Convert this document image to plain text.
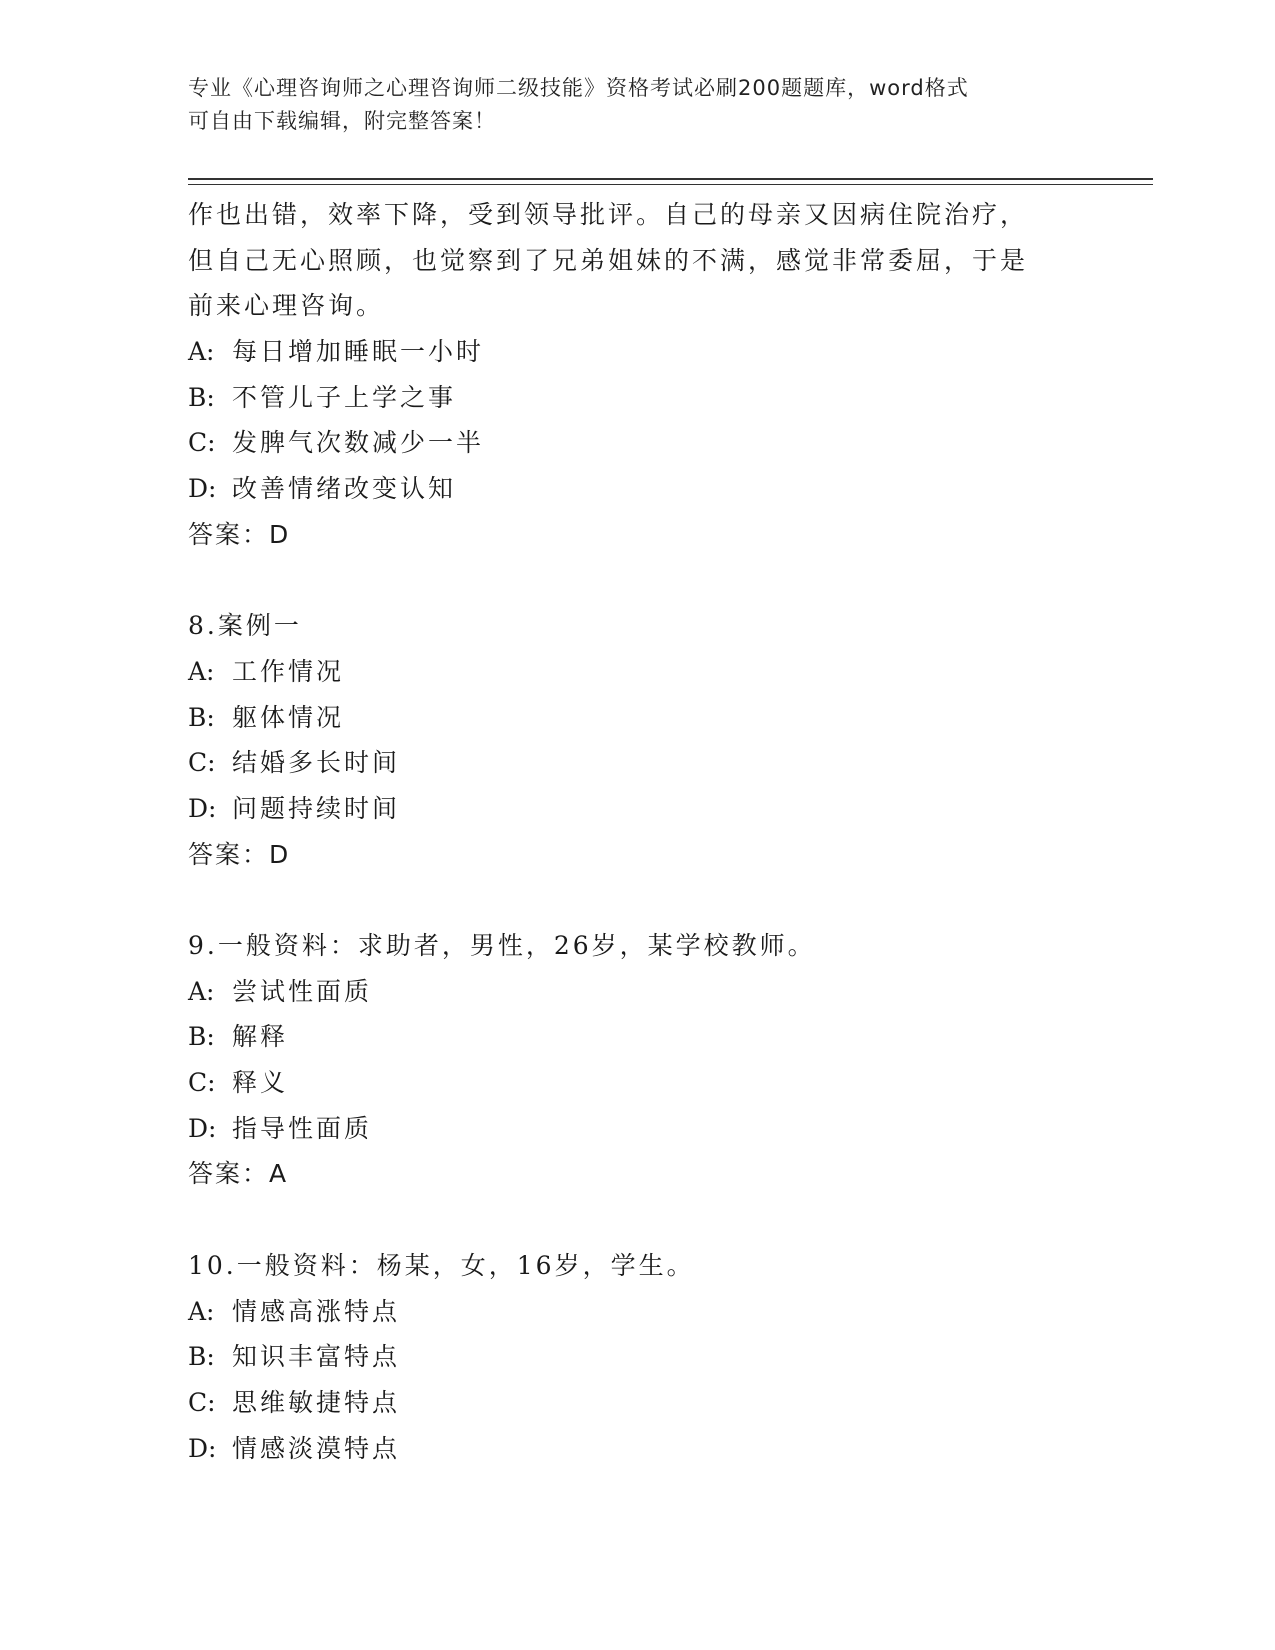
专业《心理咨询师之心理咨询师二级技能》资格考试必刷200题题库，word格式
可自由下载编辑，附完整答案！
作也出错，效率下降，受到领导批评。自己的母亲又因病住院治疗，
但自己无心照顾，也觉察到了兄弟姐妹的不满，感觉非常委屈，于是
前来心理咨询。
A: 每日增加睡眠一小时
B: 不管儿子上学之事
C: 发脾气次数减少一半
D: 改善情绪改变认知
答案：D
8.案例一
A: 工作情况
B: 躯体情况
C: 结婚多长时间
D: 问题持续时间
答案：D
9.一般资料：求助者，男性，26岁，某学校教师。
A: 尝试性面质
B: 解释
C: 释义
D: 指导性面质
答案：A
10.一般资料：杨某，女，16岁，学生。
A: 情感高涨特点
B: 知识丰富特点
C: 思维敏捷特点
D: 情感淡漠特点
